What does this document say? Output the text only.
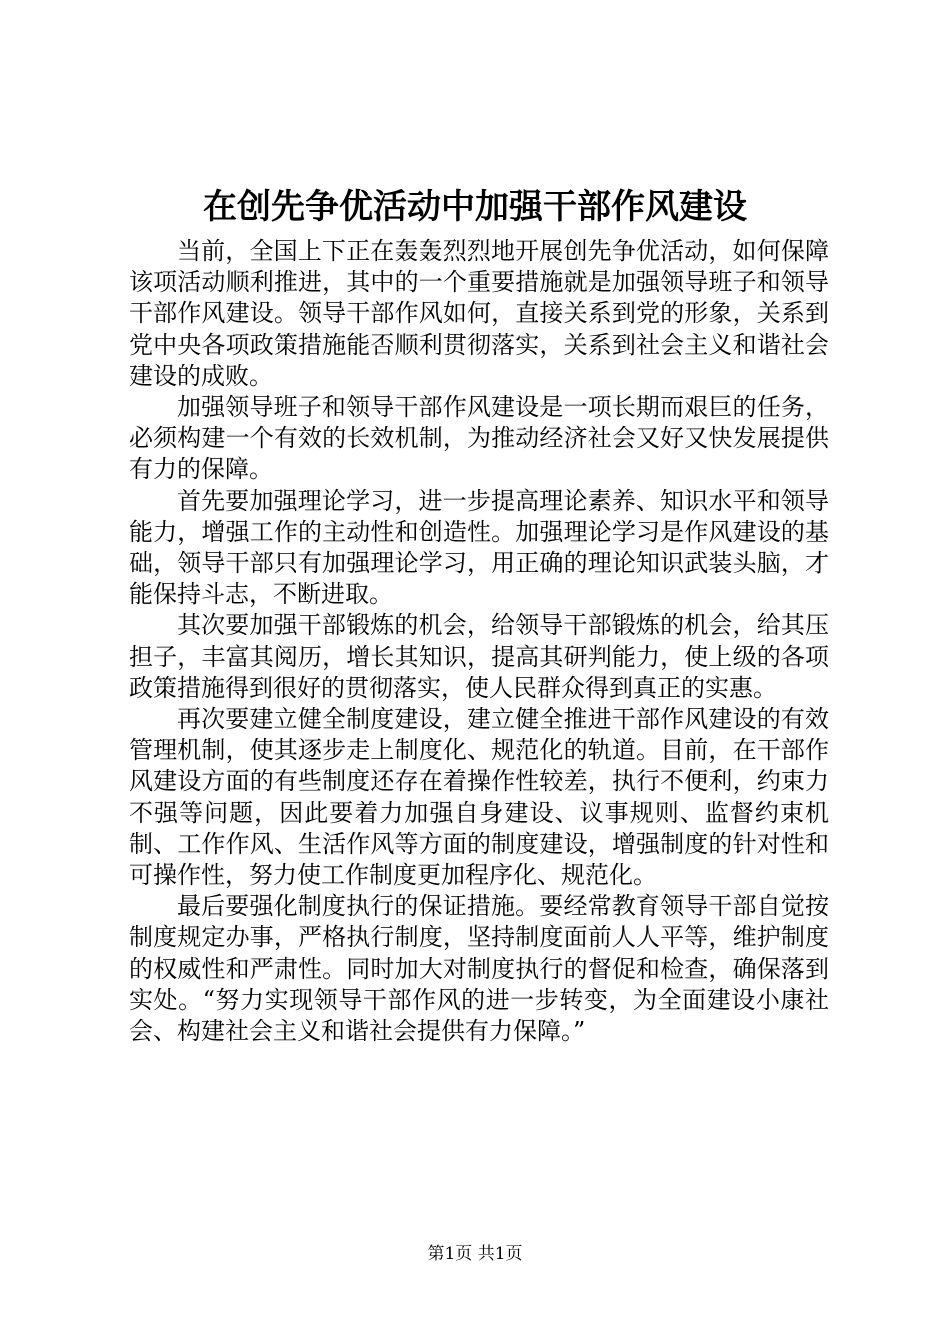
在创先争优活动中加强干部作风建设

当前，全国上下正在轰轰烈烈地开展创先争优活动，如何保障该项活动顺利推进，其中的一个重要措施就是加强领导班子和领导干部作风建设。领导干部作风如何，直接关系到党的形象，关系到党中央各项政策措施能否顺利贯彻落实，关系到社会主义和谐社会建设的成败。

加强领导班子和领导干部作风建设是一项长期而艰巨的任务，必须构建一个有效的长效机制，为推动经济社会又好又快发展提供有力的保障。

首先要加强理论学习，进一步提高理论素养、知识水平和领导能力，增强工作的主动性和创造性。加强理论学习是作风建设的基础，领导干部只有加强理论学习，用正确的理论知识武装头脑，才能保持斗志，不断进取。

其次要加强干部锻炼的机会，给领导干部锻炼的机会，给其压担子，丰富其阅历，增长其知识，提高其研判能力，使上级的各项政策措施得到很好的贯彻落实，使人民群众得到真正的实惠。

再次要建立健全制度建设，建立健全推进干部作风建设的有效管理机制，使其逐步走上制度化、规范化的轨道。目前，在干部作风建设方面的有些制度还存在着操作性较差，执行不便利，约束力不强等问题，因此要着力加强自身建设、议事规则、监督约束机制、工作作风、生活作风等方面的制度建设，增强制度的针对性和可操作性，努力使工作制度更加程序化、规范化。

最后要强化制度执行的保证措施。要经常教育领导干部自觉按制度规定办事，严格执行制度，坚持制度面前人人平等，维护制度的权威性和严肃性。同时加大对制度执行的督促和检查，确保落到实处。“努力实现领导干部作风的进一步转变，为全面建设小康社会、构建社会主义和谐社会提供有力保障。”

第1页 共1页
